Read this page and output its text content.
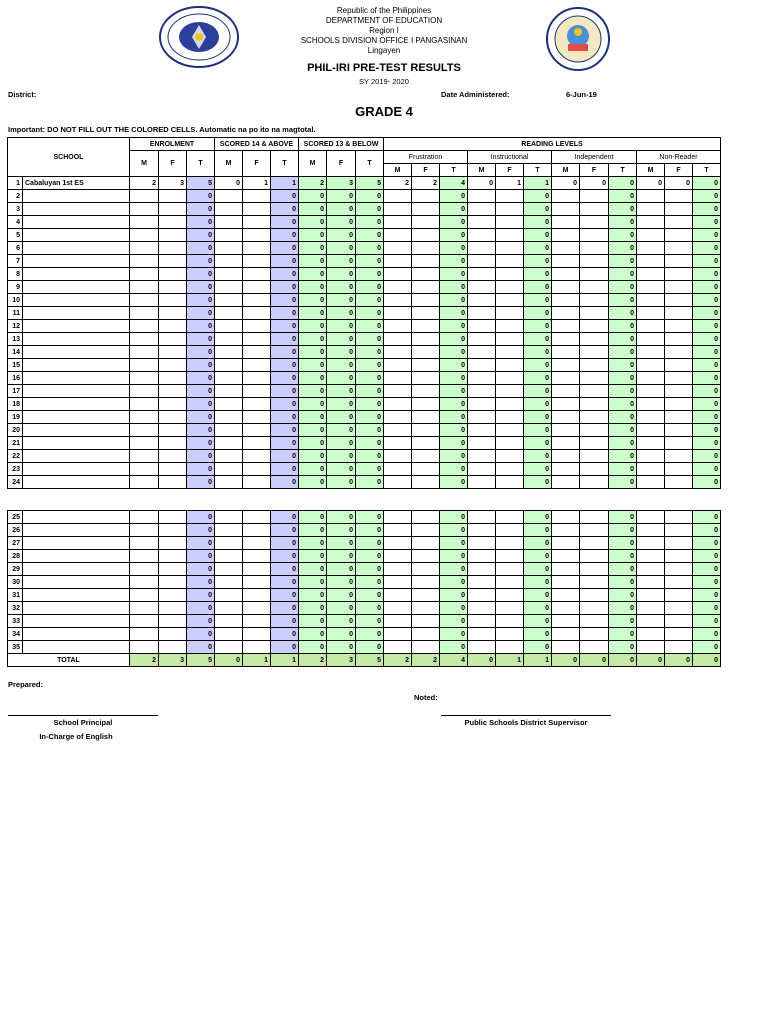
Republic of the Philippines
DEPARTMENT OF EDUCATION
Region I
SCHOOLS DIVISION OFFICE I PANGASINAN
Lingayen
PHIL-IRI PRE-TEST RESULTS
SY 2019- 2020
District:	Date Administered:	6-Jun-19
GRADE 4
Important: DO NOT FILL OUT THE COLORED CELLS. Automatic na po ito na magtotal.
SCHOOL		ENROLMENT			SCORED 14 & ABOVE			SCORED 13 & BELOW			READING LEVELS											
		M	F	T	M	F	T	M	F	T	Frustration			Instructional			Independent			Non-Reader		
											M	F	T	M	F	T	M	F	T	M	F	T
1	Cabaluyan 1st ES	2	3	5	0	1	1	2	3	5	2	2	4	0	1	1	0	0	0	0	0	0
2				0			0	0	0	0			0			0			0			0
3				0			0	0	0	0			0			0			0			0
4				0			0	0	0	0			0			0			0			0
5				0			0	0	0	0			0			0			0			0
6				0			0	0	0	0			0			0			0			0
7				0			0	0	0	0			0			0			0			0
8				0			0	0	0	0			0			0			0			0
9				0			0	0	0	0			0			0			0			0
10				0			0	0	0	0			0			0			0			0
11				0			0	0	0	0			0			0			0			0
12				0			0	0	0	0			0			0			0			0
13				0			0	0	0	0			0			0			0			0
14				0			0	0	0	0			0			0			0			0
15				0			0	0	0	0			0			0			0			0
16				0			0	0	0	0			0			0			0			0
17				0			0	0	0	0			0			0			0			0
18				0			0	0	0	0			0			0			0			0
19				0			0	0	0	0			0			0			0			0
20				0			0	0	0	0			0			0			0			0
21				0			0	0	0	0			0			0			0			0
22				0			0	0	0	0			0			0			0			0
23				0			0	0	0	0			0			0			0			0
24				0			0	0	0	0			0			0			0			0
25				0			0	0	0	0			0			0			0			0
26				0			0	0	0	0			0			0			0			0
27				0			0	0	0	0			0			0			0			0
28				0			0	0	0	0			0			0			0			0
29				0			0	0	0	0			0			0			0			0
30				0			0	0	0	0			0			0			0			0
31				0			0	0	0	0			0			0			0			0
32				0			0	0	0	0			0			0			0			0
33				0			0	0	0	0			0			0			0			0
34				0			0	0	0	0			0			0			0			0
35				0			0	0	0	0			0			0			0			0
TOTAL		2	3	5	0	1	1	2	3	5	2	2	4	0	1	1	0	0	0	0	0	0
Prepared:
Noted:
School Principal
In-Charge of English
Public Schools District Supervisor
